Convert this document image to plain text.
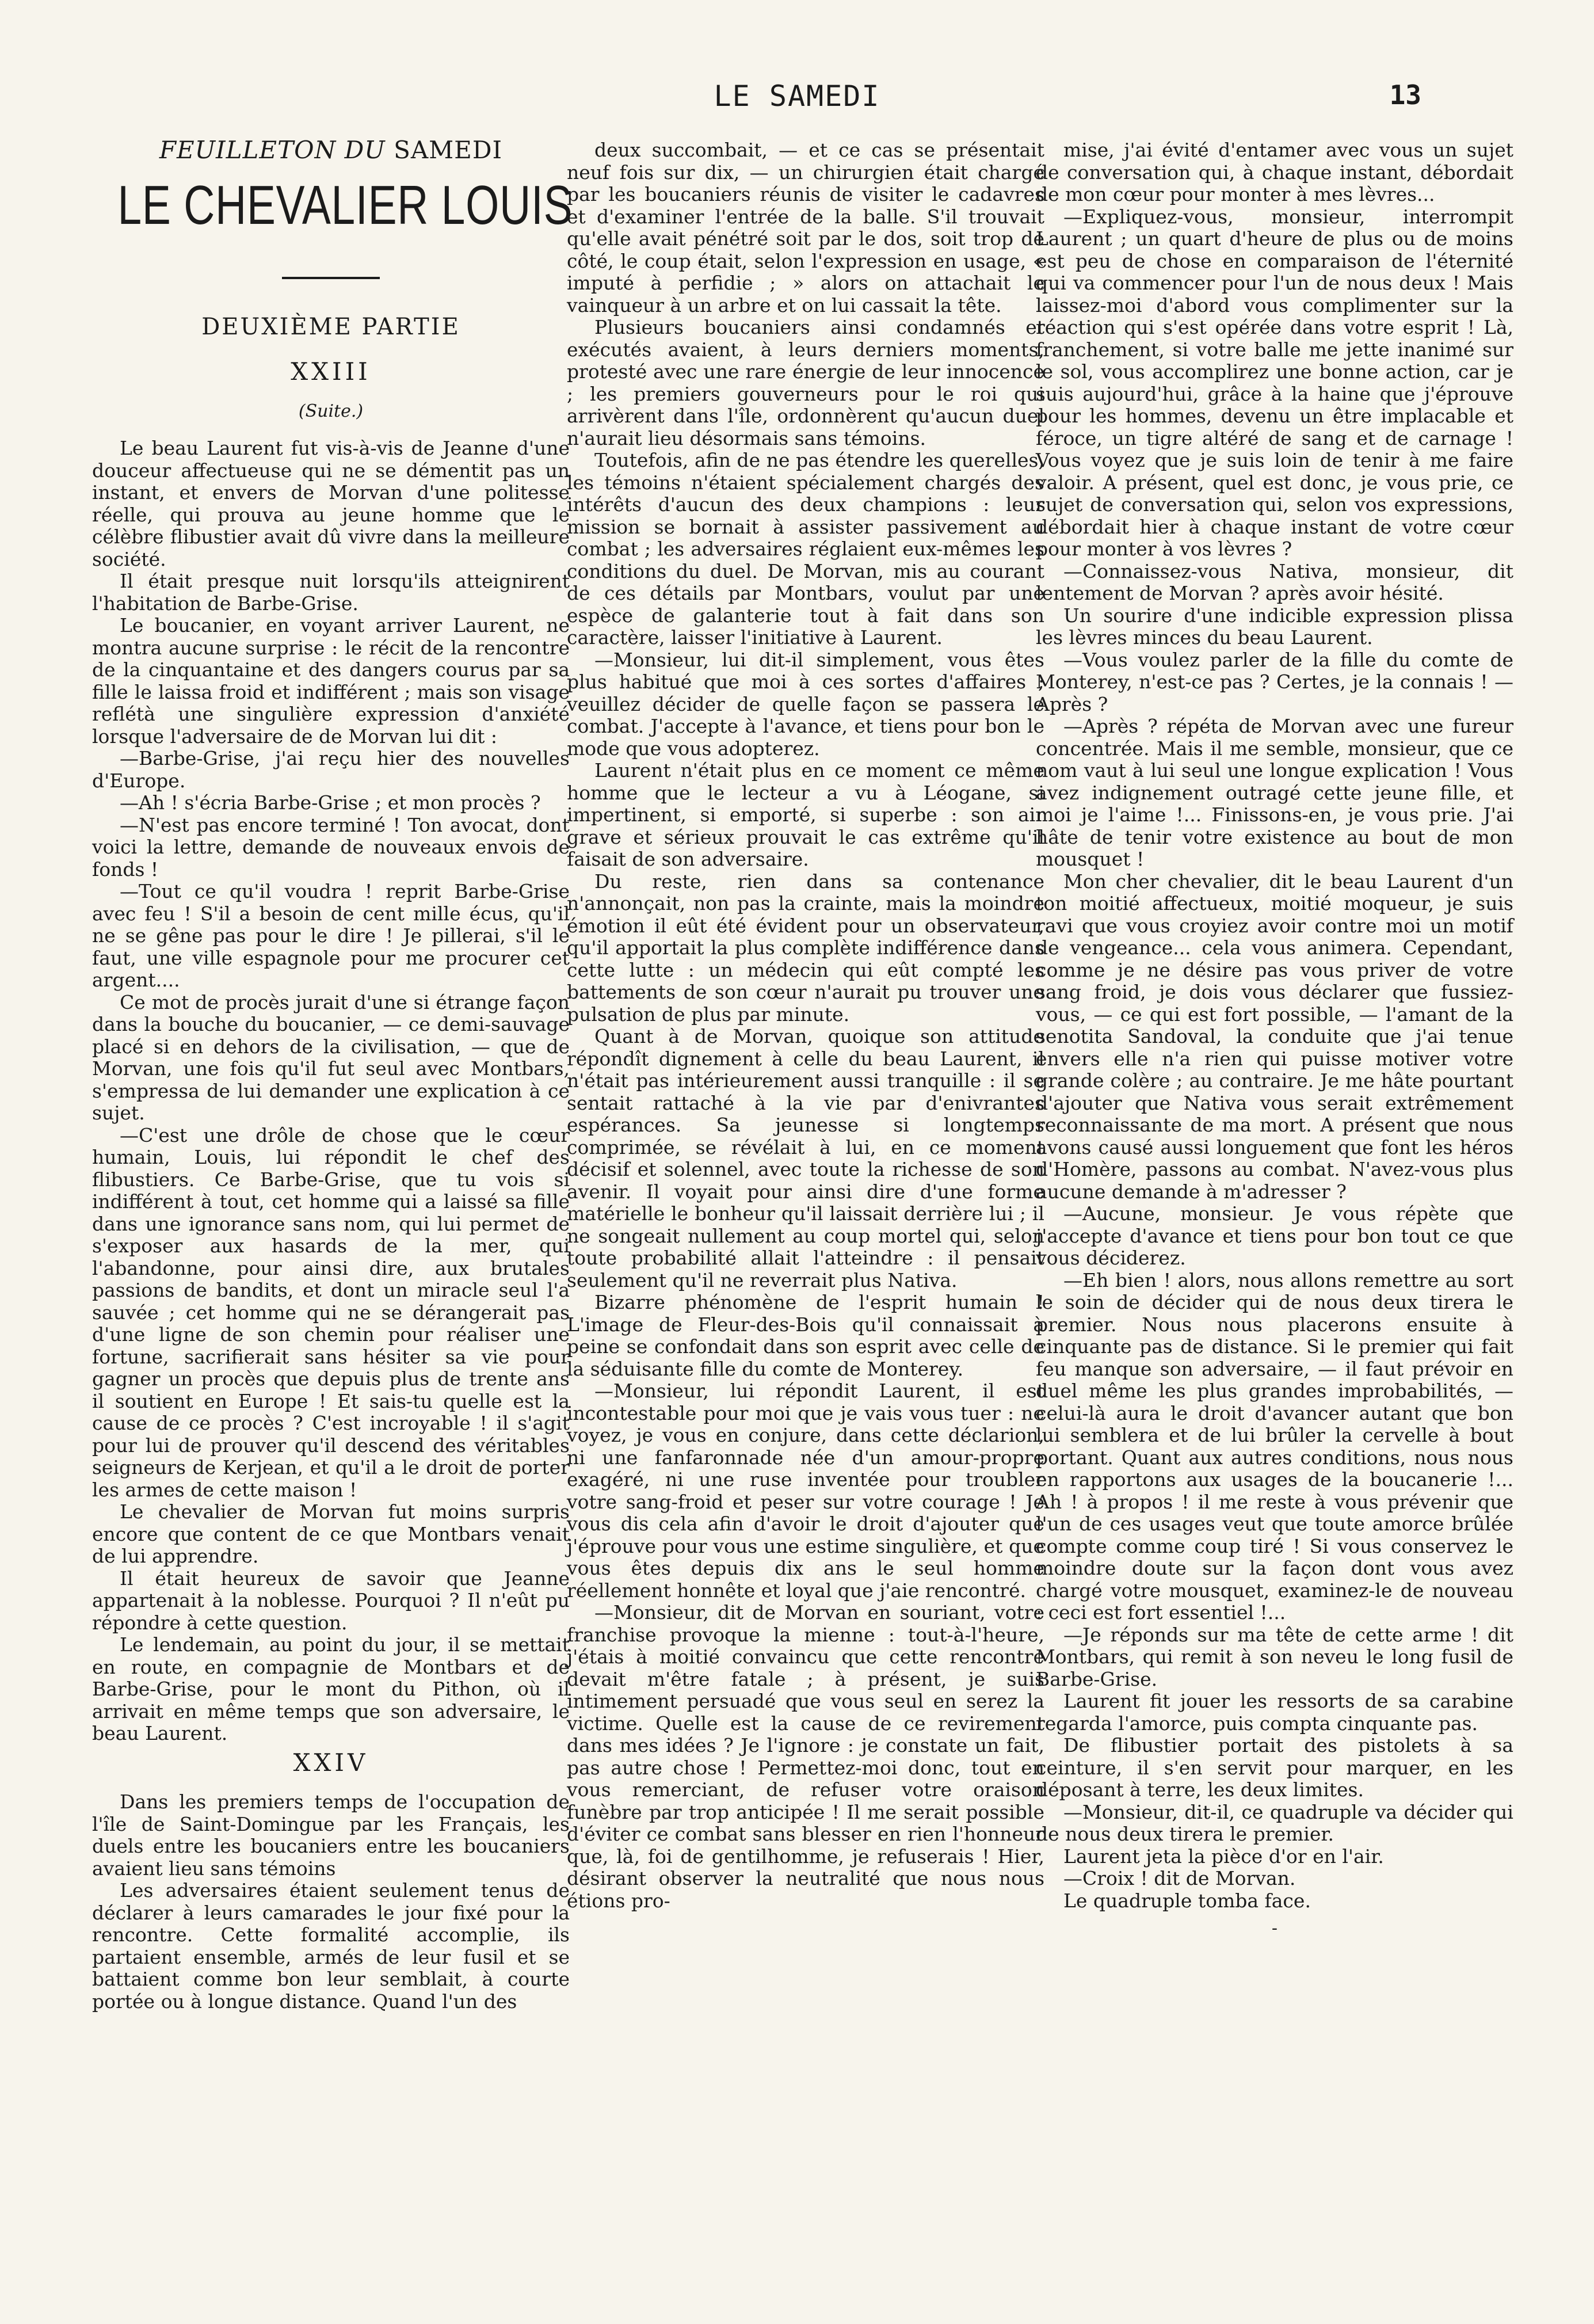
LE SAMEDI	13
FEUILLETON DU SAMEDI
LE CHEVALIER LOUIS
DEUXIÈME PARTIE
XXIII
(Suite.)

Le beau Laurent fut vis-à-vis de Jeanne d'une douceur affectueuse qui ne se démentit pas un instant, et envers de Morvan d'une politesse réelle, qui prouva au jeune homme que le célèbre flibustier avait dû vivre dans la meilleure société.

Il était presque nuit lorsqu'ils atteignirent l'habitation de Barbe-Grise.

Le boucanier, en voyant arriver Laurent, ne montra aucune surprise : le récit de la rencontre de la cinquantaine et des dangers courus par sa fille le laissa froid et indifférent ; mais son visage reflétà une singulière expression d'anxiété lorsque l'adversaire de de Morvan lui dit :

—Barbe-Grise, j'ai reçu hier des nouvelles d'Europe.

—Ah ! s'écria Barbe-Grise ; et mon procès ?

—N'est pas encore terminé ! Ton avocat, dont voici la lettre, demande de nouveaux envois de fonds !

—Tout ce qu'il voudra ! reprit Barbe-Grise avec feu ! S'il a besoin de cent mille écus, qu'il ne se gêne pas pour le dire ! Je pillerai, s'il le faut, une ville espagnole pour me procurer cet argent....

Ce mot de procès jurait d'une si étrange façon dans la bouche du boucanier, — ce demi-sauvage placé si en dehors de la civilisation, — que de Morvan, une fois qu'il fut seul avec Montbars, s'empressa de lui demander une explication à ce sujet.

—C'est une drôle de chose que le cœur humain, Louis, lui répondit le chef des flibustiers. Ce Barbe-Grise, que tu vois si indifférent à tout, cet homme qui a laissé sa fille dans une ignorance sans nom, qui lui permet de s'exposer aux hasards de la mer, qui l'abandonne, pour ainsi dire, aux brutales passions de bandits, et dont un miracle seul l'a sauvée ; cet homme qui ne se dérangerait pas d'une ligne de son chemin pour réaliser une fortune, sacrifierait sans hésiter sa vie pour gagner un procès que depuis plus de trente ans il soutient en Europe ! Et sais-tu quelle est la cause de ce procès ? C'est incroyable ! il s'agit pour lui de prouver qu'il descend des véritables seigneurs de Kerjean, et qu'il a le droit de porter les armes de cette maison !

Le chevalier de Morvan fut moins surpris encore que content de ce que Montbars venait de lui apprendre.

Il était heureux de savoir que Jeanne appartenait à la noblesse. Pourquoi ? Il n'eût pu répondre à cette question.

Le lendemain, au point du jour, il se mettait en route, en compagnie de Montbars et de Barbe-Grise, pour le mont du Pithon, où il arrivait en même temps que son adversaire, le beau Laurent.

XXIV

Dans les premiers temps de l'occupation de l'île de Saint-Domingue par les Français, les duels entre les boucaniers entre les boucaniers avaient lieu sans témoins

Les adversaires étaient seulement tenus de déclarer à leurs camarades le jour fixé pour la rencontre. Cette formalité accomplie, ils partaient ensemble, armés de leur fusil et se battaient comme bon leur semblait, à courte portée ou à longue distance. Quand l'un des

deux succombait, — et ce cas se présentait neuf fois sur dix, — un chirurgien était chargé par les boucaniers réunis de visiter le cadavres et d'examiner l'entrée de la balle. S'il trouvait qu'elle avait pénétré soit par le dos, soit trop de côté, le coup était, selon l'expression en usage, « imputé à perfidie ; » alors on attachait le vainqueur à un arbre et on lui cassait la tête.

Plusieurs boucaniers ainsi condamnés et exécutés avaient, à leurs derniers moments, protesté avec une rare énergie de leur innocence ; les premiers gouverneurs pour le roi qui arrivèrent dans l'île, ordonnèrent qu'aucun duel n'aurait lieu désormais sans témoins.

Toutefois, afin de ne pas étendre les querelles, les témoins n'étaient spécialement chargés des intérêts d'aucun des deux champions : leur mission se bornait à assister passivement au combat ; les adversaires réglaient eux-mêmes les conditions du duel. De Morvan, mis au courant de ces détails par Montbars, voulut par une espèce de galanterie tout à fait dans son caractère, laisser l'initiative à Laurent.

—Monsieur, lui dit-il simplement, vous êtes plus habitué que moi à ces sortes d'affaires ; veuillez décider de quelle façon se passera le combat. J'accepte à l'avance, et tiens pour bon le mode que vous adopterez.

Laurent n'était plus en ce moment ce même homme que le lecteur a vu à Léogane, si impertinent, si emporté, si superbe : son air grave et sérieux prouvait le cas extrême qu'il faisait de son adversaire.

Du reste, rien dans sa contenance n'annonçait, non pas la crainte, mais la moindre émotion il eût été évident pour un observateur, qu'il apportait la plus complète indifférence dans cette lutte : un médecin qui eût compté les battements de son cœur n'aurait pu trouver une pulsation de plus par minute.

Quant à de Morvan, quoique son attitude répondît dignement à celle du beau Laurent, il n'était pas intérieurement aussi tranquille : il se sentait rattaché à la vie par d'enivrantes espérances. Sa jeunesse si longtemps comprimée, se révélait à lui, en ce moment décisif et solennel, avec toute la richesse de son avenir. Il voyait pour ainsi dire d'une forme matérielle le bonheur qu'il laissait derrière lui ; il ne songeait nullement au coup mortel qui, selon toute probabilité allait l'atteindre : il pensait seulement qu'il ne reverrait plus Nativa.

Bizarre phénomène de l'esprit humain ! L'image de Fleur-des-Bois qu'il connaissait à peine se confondait dans son esprit avec celle de la séduisante fille du comte de Monterey.

—Monsieur, lui répondit Laurent, il est incontestable pour moi que je vais vous tuer : ne voyez, je vous en conjure, dans cette déclarion, ni une fanfaronnade née d'un amour-propre exagéré, ni une ruse inventée pour troubler votre sang-froid et peser sur votre courage ! Je vous dis cela afin d'avoir le droit d'ajouter que j'éprouve pour vous une estime singulière, et que vous êtes depuis dix ans le seul homme réellement honnête et loyal que j'aie rencontré.

—Monsieur, dit de Morvan en souriant, votre franchise provoque la mienne : tout-à-l'heure, j'étais à moitié convaincu que cette rencontre devait m'être fatale ; à présent, je suis intimement persuadé que vous seul en serez la victime. Quelle est la cause de ce revirement dans mes idées ? Je l'ignore : je constate un fait, pas autre chose ! Permettez-moi donc, tout en vous remerciant, de refuser votre oraison funèbre par trop anticipée ! Il me serait possible d'éviter ce combat sans blesser en rien l'honneur que, là, foi de gentilhomme, je refuserais ! Hier, désirant observer la neutralité que nous nous étions pro-

mise, j'ai évité d'entamer avec vous un sujet de conversation qui, à chaque instant, débordait de mon cœur pour monter à mes lèvres...

—Expliquez-vous, monsieur, interrompit Laurent ; un quart d'heure de plus ou de moins est peu de chose en comparaison de l'éternité qui va commencer pour l'un de nous deux ! Mais laissez-moi d'abord vous complimenter sur la réaction qui s'est opérée dans votre esprit ! Là, franchement, si votre balle me jette inanimé sur le sol, vous accomplirez une bonne action, car je suis aujourd'hui, grâce à la haine que j'éprouve pour les hommes, devenu un être implacable et féroce, un tigre altéré de sang et de carnage ! Vous voyez que je suis loin de tenir à me faire valoir. A présent, quel est donc, je vous prie, ce sujet de conversation qui, selon vos expressions, débordait hier à chaque instant de votre cœur pour monter à vos lèvres ?

—Connaissez-vous Nativa, monsieur, dit lentement de Morvan ? après avoir hésité.

Un sourire d'une indicible expression plissa les lèvres minces du beau Laurent.

—Vous voulez parler de la fille du comte de Monterey, n'est-ce pas ? Certes, je la connais ! — Après ?

—Après ? répéta de Morvan avec une fureur concentrée. Mais il me semble, monsieur, que ce nom vaut à lui seul une longue explication ! Vous avez indignement outragé cette jeune fille, et moi je l'aime !... Finissons-en, je vous prie. J'ai hâte de tenir votre existence au bout de mon mousquet !

Mon cher chevalier, dit le beau Laurent d'un ton moitié affectueux, moitié moqueur, je suis ravi que vous croyiez avoir contre moi un motif de vengeance... cela vous animera. Cependant, comme je ne désire pas vous priver de votre sang froid, je dois vous déclarer que fussiez-vous, — ce qui est fort possible, — l'amant de la senotita Sandoval, la conduite que j'ai tenue envers elle n'a rien qui puisse motiver votre grande colère ; au contraire. Je me hâte pourtant d'ajouter que Nativa vous serait extrêmement reconnaissante de ma mort. A présent que nous avons causé aussi longuement que font les héros d'Homère, passons au combat. N'avez-vous plus aucune demande à m'adresser ?

—Aucune, monsieur. Je vous répète que j'accepte d'avance et tiens pour bon tout ce que vous déciderez.

—Eh bien ! alors, nous allons remettre au sort le soin de décider qui de nous deux tirera le premier. Nous nous placerons ensuite à cinquante pas de distance. Si le premier qui fait feu manque son adversaire, — il faut prévoir en duel même les plus grandes improbabilités, — celui-là aura le droit d'avancer autant que bon lui semblera et de lui brûler la cervelle à bout portant. Quant aux autres conditions, nous nous en rapportons aux usages de la boucanerie !... Ah ! à propos ! il me reste à vous prévenir que l'un de ces usages veut que toute amorce brûlée compte comme coup tiré ! Si vous conservez le moindre doute sur la façon dont vous avez chargé votre mousquet, examinez-le de nouveau : ceci est fort essentiel !...

—Je réponds sur ma tête de cette arme ! dit Montbars, qui remit à son neveu le long fusil de Barbe-Grise.

Laurent fit jouer les ressorts de sa carabine regarda l'amorce, puis compta cinquante pas.

De flibustier portait des pistolets à sa ceinture, il s'en servit pour marquer, en les déposant à terre, les deux limites.

—Monsieur, dit-il, ce quadruple va décider qui de nous deux tirera le premier.

Laurent jeta la pièce d'or en l'air.

—Croix ! dit de Morvan.

Le quadruple tomba face.

-
